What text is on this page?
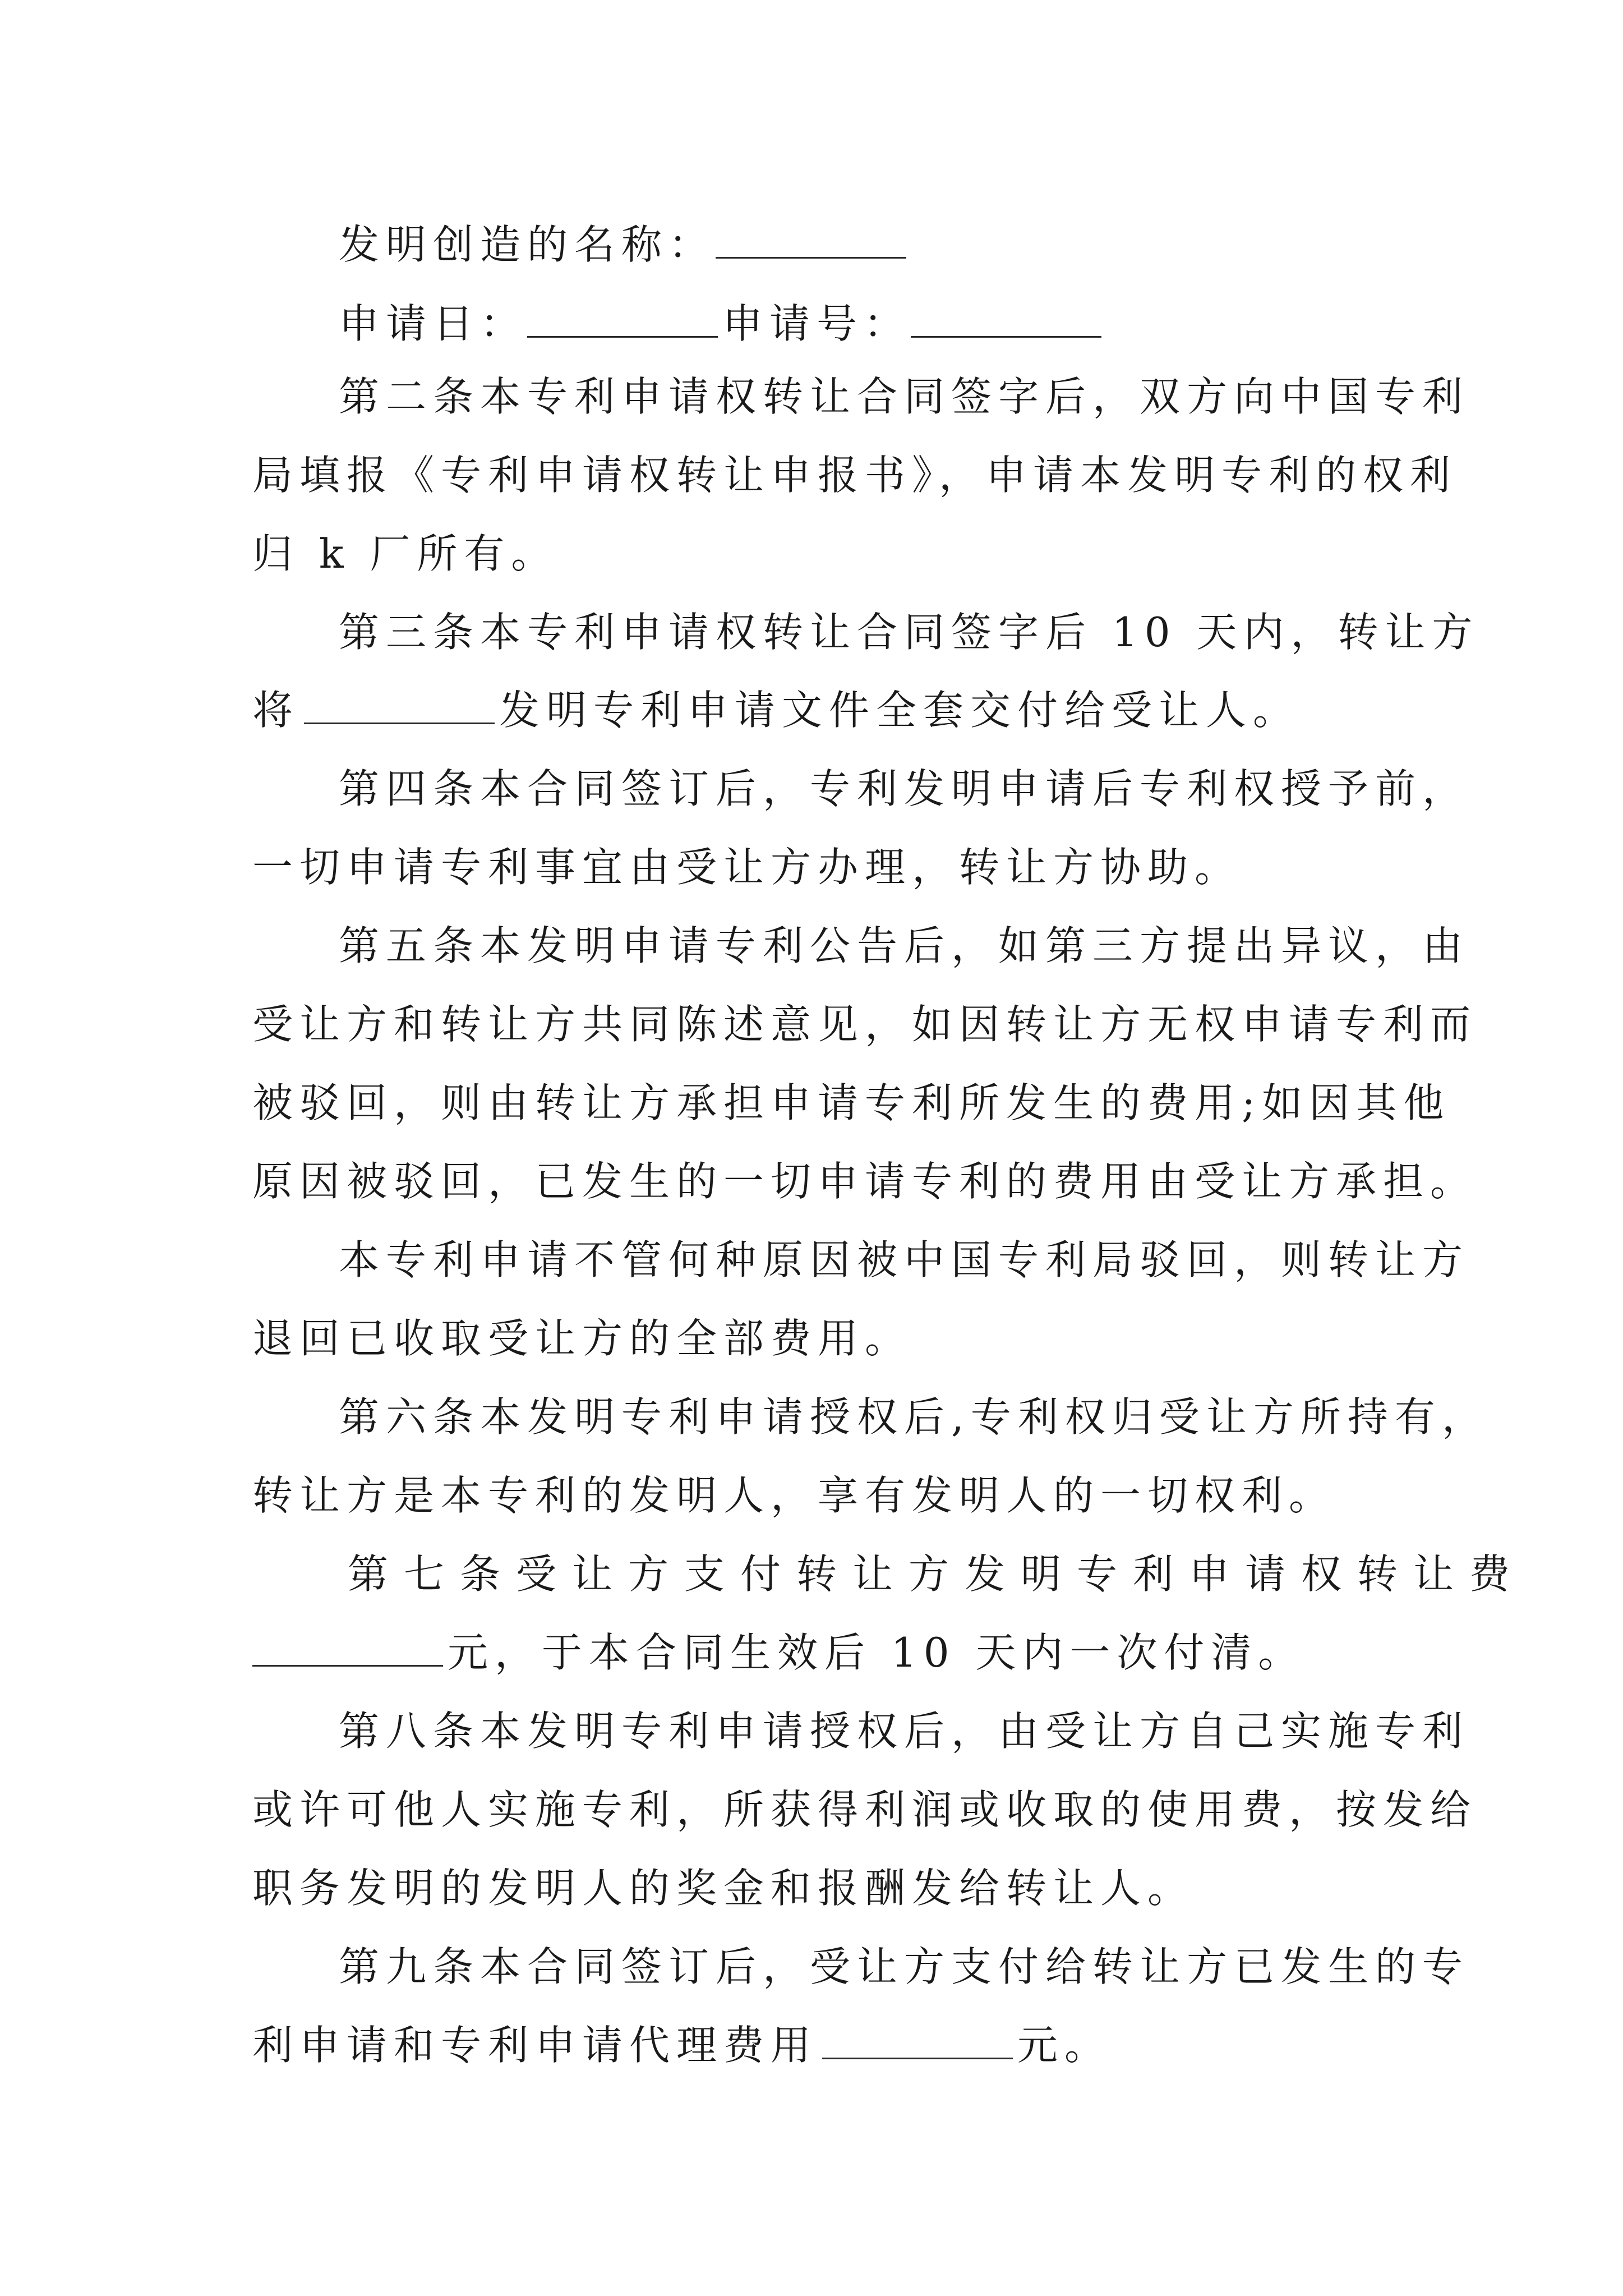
发明创造的名称：
申请日：	申请号：
第二条本专利申请权转让合同签字后，双方向中国专利
局填报《专利申请权转让申报书》，申请本发明专利的权利
归 k 厂所有。
第三条本专利申请权转让合同签字后 10 天内，转让方
将	发明专利申请文件全套交付给受让人。
第四条本合同签订后，专利发明申请后专利权授予前，
一切申请专利事宜由受让方办理，转让方协助。
第五条本发明申请专利公告后，如第三方提出异议，由
受让方和转让方共同陈述意见，如因转让方无权申请专利而
被驳回，则由转让方承担申请专利所发生的费用;如因其他
原因被驳回，已发生的一切申请专利的费用由受让方承担。
本专利申请不管何种原因被中国专利局驳回，则转让方
退回已收取受让方的全部费用。
第六条本发明专利申请授权后,专利权归受让方所持有，
转让方是本专利的发明人，享有发明人的一切权利。
第七条受让方支付转让方发明专利申请权转让费
元，于本合同生效后 10 天内一次付清。
第八条本发明专利申请授权后，由受让方自己实施专利
或许可他人实施专利，所获得利润或收取的使用费，按发给
职务发明的发明人的奖金和报酬发给转让人。
第九条本合同签订后，受让方支付给转让方已发生的专
利申请和专利申请代理费用	元。
